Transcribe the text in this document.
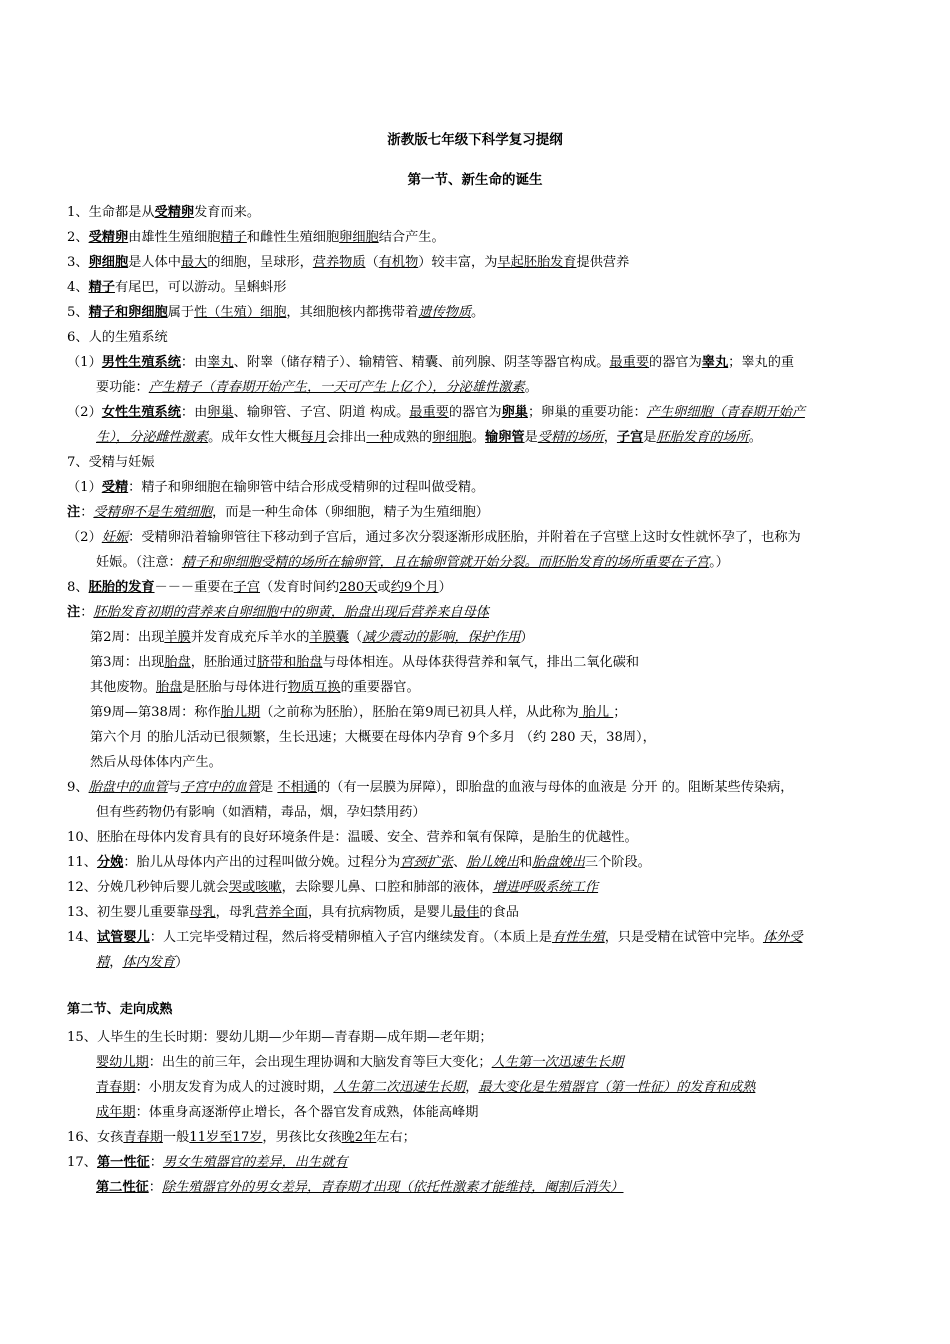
浙教版七年级下科学复习提纲
第一节、新生命的诞生
第二节、走向成熟
1、生命都是从受精卵发育而来。
2、受精卵由雄性生殖细胞精子和雌性生殖细胞卵细胞结合产生。
3、卵细胞是人体中最大的细胞，呈球形，营养物质（有机物）较丰富，为早起胚胎发育提供营养
4、精子有尾巴，可以游动。呈蝌蚪形
5、精子和卵细胞属于性（生殖）细胞，其细胞核内都携带着遗传物质。
6、人的生殖系统
（1）男性生殖系统：由睾丸、附睾（储存精子）、输精管、精囊、前列腺、阴茎等器官构成。最重要的器官为睾丸；睾丸的重
要功能：产生精子（青春期开始产生，一天可产生上亿个），分泌雄性激素。
（2）女性生殖系统：由卵巢、输卵管、子宫、阴道 构成。最重要的器官为卵巢；卵巢的重要功能：产生卵细胞（青春期开始产
生），分泌雌性激素。成年女性大概每月会排出一种成熟的卵细胞。输卵管是受精的场所，子宫是胚胎发育的场所。
7、受精与妊娠
（1）受精：精子和卵细胞在输卵管中结合形成受精卵的过程叫做受精。
注：受精卵不是生殖细胞，而是一种生命体（卵细胞，精子为生殖细胞）
（2）妊娠：受精卵沿着输卵管往下移动到子宫后，通过多次分裂逐渐形成胚胎，并附着在子宫壁上这时女性就怀孕了，也称为
妊娠。（注意：精子和卵细胞受精的场所在输卵管，且在输卵管就开始分裂。而胚胎发育的场所重要在子宫。）
8、胚胎的发育－－－重要在子宫（发育时间约280天或约9个月）
注：胚胎发育初期的营养来自卵细胞中的卵黄，胎盘出现后营养来自母体
第2周：出现羊膜并发育成充斥羊水的羊膜囊（减少震动的影响，保护作用）
第3周：出现胎盘，胚胎通过脐带和胎盘与母体相连。从母体获得营养和氧气，排出二氧化碳和
其他废物。胎盘是胚胎与母体进行物质互换的重要器官。
第9周—第38周：称作胎儿期（之前称为胚胎），胚胎在第9周已初具人样，从此称为 胎儿 ；
第六个月 的胎儿活动已很频繁，生长迅速；大概要在母体内孕育 9个多月 （约 280 天，38周），
然后从母体体内产生。
9、胎盘中的血管与子宫中的血管是 不相通的（有一层膜为屏障），即胎盘的血液与母体的血液是 分开 的。阻断某些传染病，
但有些药物仍有影响（如酒精，毒品，烟，孕妇禁用药）
10、胚胎在母体内发育具有的良好环境条件是：温暖、安全、营养和氧有保障，是胎生的优越性。
11、分娩：胎儿从母体内产出的过程叫做分娩。过程分为宫颈扩张、胎儿娩出和胎盘娩出三个阶段。
12、分娩几秒钟后婴儿就会哭或咳嗽，去除婴儿鼻、口腔和肺部的液体，增进呼吸系统工作
13、初生婴儿重要靠母乳，母乳营养全面，具有抗病物质，是婴儿最佳的食品
14、试管婴儿：人工完毕受精过程，然后将受精卵植入子宫内继续发育。（本质上是有性生殖，只是受精在试管中完毕。体外受
精，体内发育）
15、人毕生的生长时期：婴幼儿期—少年期—青春期—成年期—老年期；
婴幼儿期：出生的前三年，会出现生理协调和大脑发育等巨大变化；人生第一次迅速生长期
青春期：小朋友发育为成人的过渡时期，人生第二次迅速生长期，最大变化是生殖器官（第一性征）的发育和成熟
成年期：体重身高逐渐停止增长，各个器官发育成熟，体能高峰期
16、女孩青春期一般11岁至17岁，男孩比女孩晚2年左右；
17、第一性征：男女生殖器官的差异，出生就有
第二性征：除生殖器官外的男女差异，青春期才出现（依托性激素才能维持，阉割后消失）
